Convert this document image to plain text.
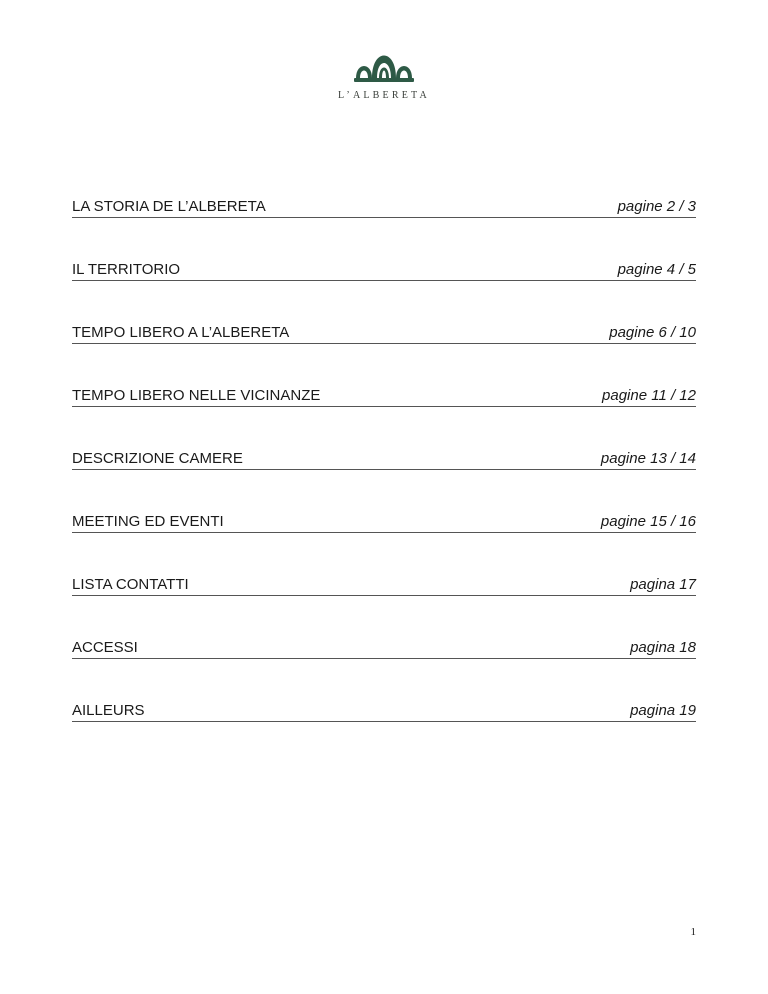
L’ALBERETA
LA STORIA DE L’ALBERETA	pagine 2 / 3
IL TERRITORIO	pagine 4 / 5
TEMPO LIBERO A L’ALBERETA	pagine 6 / 10
TEMPO LIBERO NELLE VICINANZE	pagine 11 / 12
DESCRIZIONE CAMERE	pagine 13 / 14
MEETING ED EVENTI	pagine 15 / 16
LISTA CONTATTI	pagina 17
ACCESSI	pagina 18
AILLEURS	pagina 19
1
